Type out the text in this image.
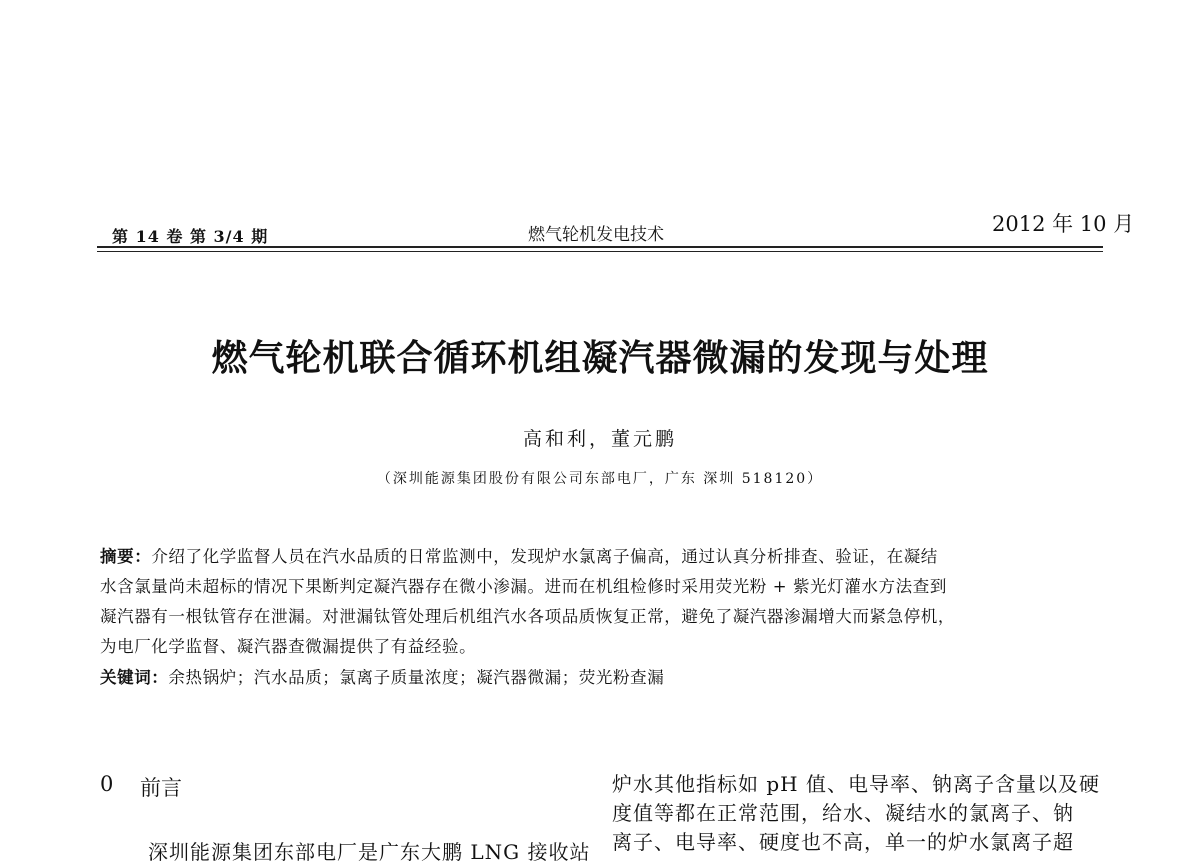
第 14 卷 第 3/4 期	燃气轮机发电技术	2012 年 10 月
燃气轮机联合循环机组凝汽器微漏的发现与处理
高和利，董元鹏
（深圳能源集团股份有限公司东部电厂，广东 深圳 518120）
摘要：介绍了化学监督人员在汽水品质的日常监测中，发现炉水氯离子偏高，通过认真分析排查、验证，在凝结
水含氯量尚未超标的情况下果断判定凝汽器存在微小渗漏。进而在机组检修时采用荧光粉 + 紫光灯灌水方法查到
凝汽器有一根钛管存在泄漏。对泄漏钛管处理后机组汽水各项品质恢复正常，避免了凝汽器渗漏增大而紧急停机，
为电厂化学监督、凝汽器查微漏提供了有益经验。
关键词：余热锅炉；汽水品质；氯离子质量浓度；凝汽器微漏；荧光粉查漏
0 前言
深圳能源集团东部电厂是广东大鹏 LNG 接收站
炉水其他指标如 pH 值、电导率、钠离子含量以及硬
度值等都在正常范围，给水、凝结水的氯离子、钠
离子、电导率、硬度也不高，单一的炉水氯离子超
